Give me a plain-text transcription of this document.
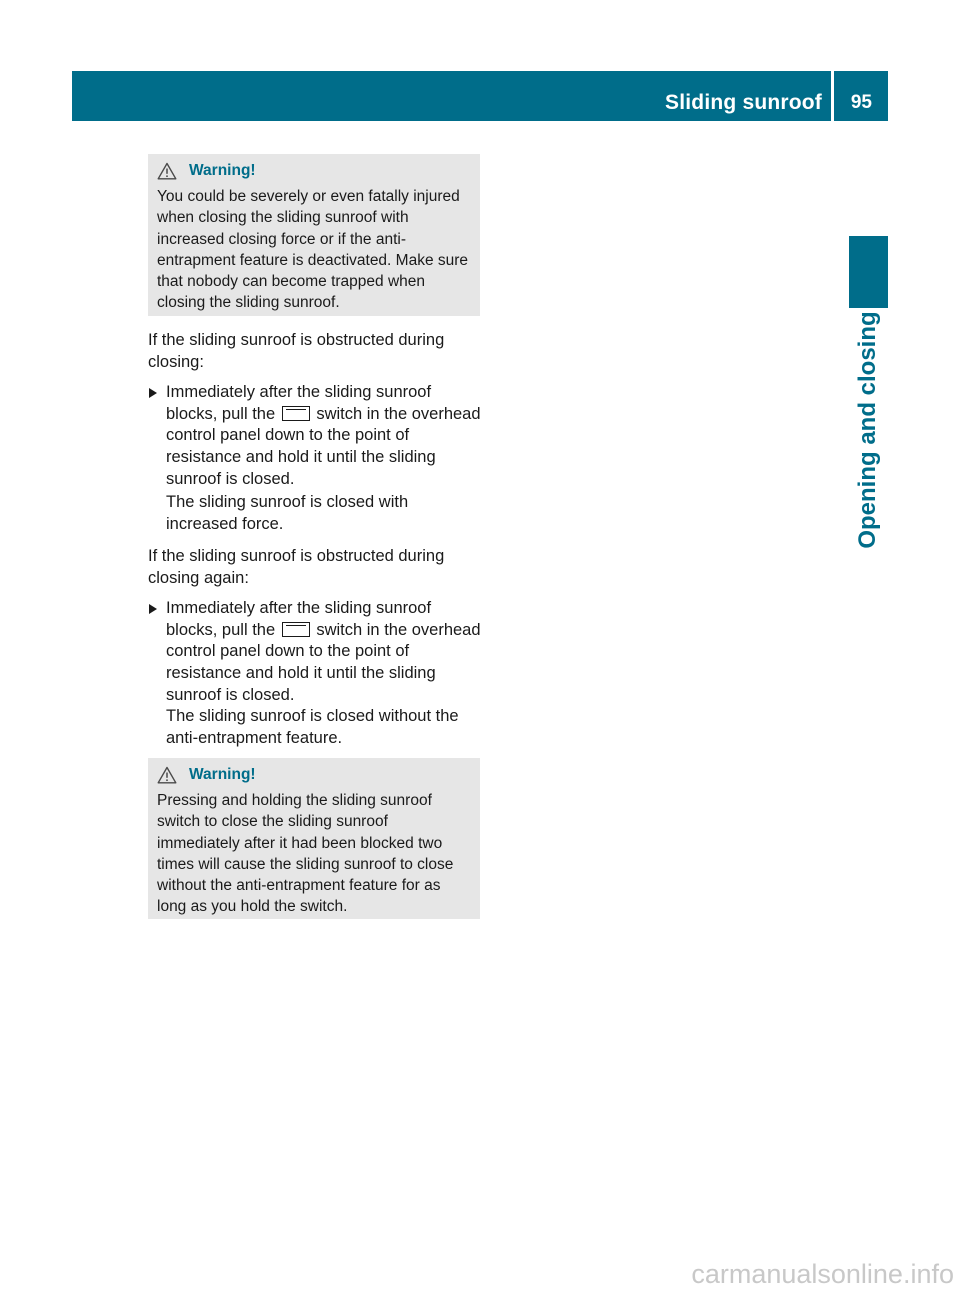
Sliding sunroof 95
Opening and closing
Warning!

You could be severely or even fatally injured when closing the sliding sunroof with increased closing force or if the anti-entrapment feature is deactivated. Make sure that nobody can become trapped when closing the sliding sunroof.

If the sliding sunroof is obstructed during closing:

Immediately after the sliding sunroof blocks, pull the switch in the overhead control panel down to the point of resistance and hold it until the sliding sunroof is closed.

The sliding sunroof is closed with increased force.

If the sliding sunroof is obstructed during closing again:

Immediately after the sliding sunroof blocks, pull the switch in the overhead control panel down to the point of resistance and hold it until the sliding sunroof is closed.

The sliding sunroof is closed without the anti-entrapment feature.

Warning!

Pressing and holding the sliding sunroof switch to close the sliding sunroof immediately after it had been blocked two times will cause the sliding sunroof to close without the anti-entrapment feature for as long as you hold the switch.

carmanualsonline.info
